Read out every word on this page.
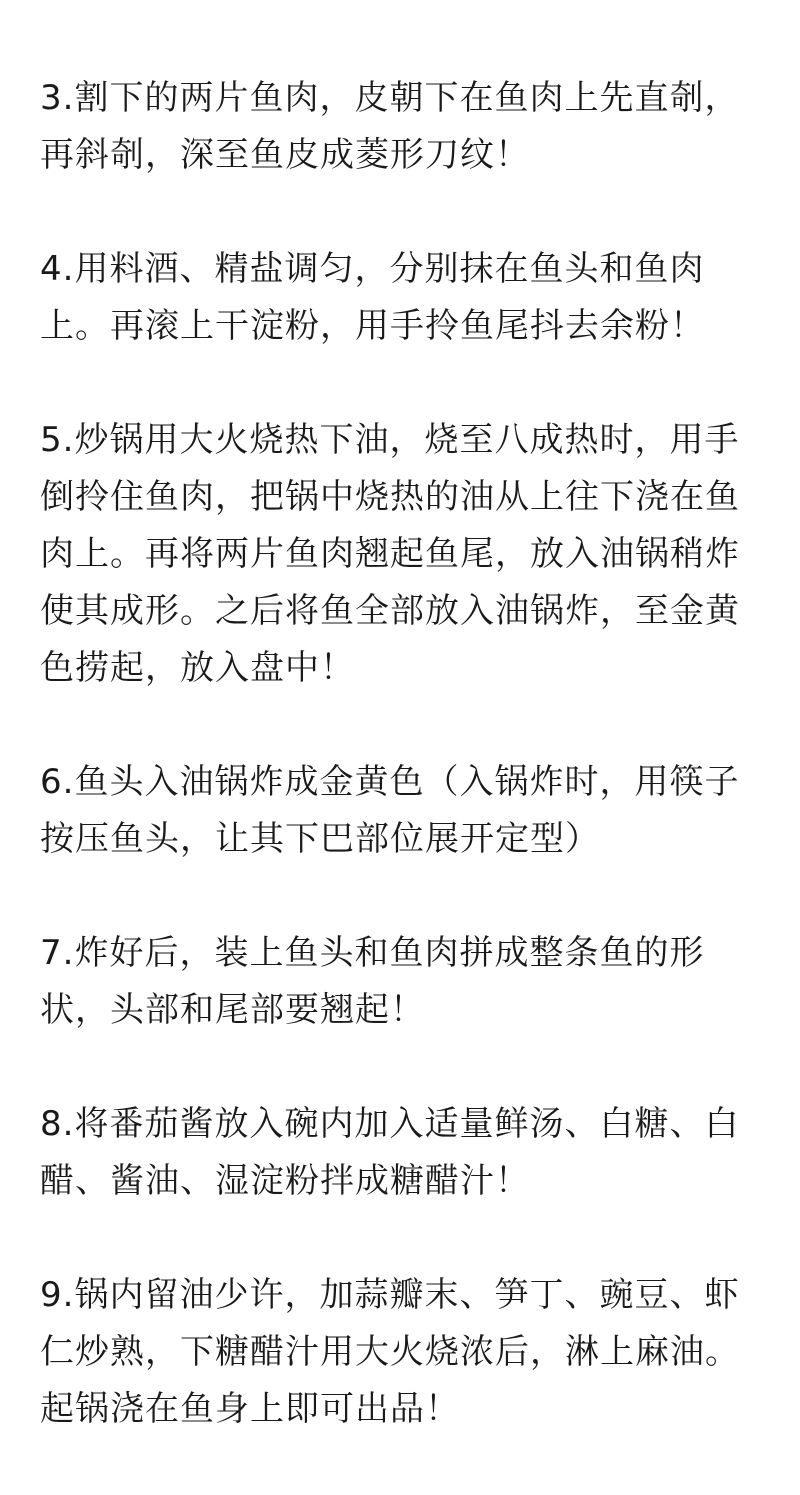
3.割下的两片鱼肉，皮朝下在鱼肉上先直剞，
再斜剞，深至鱼皮成菱形刀纹！
4.用料酒、精盐调匀，分别抹在鱼头和鱼肉
上。再滚上干淀粉，用手拎鱼尾抖去余粉！
5.炒锅用大火烧热下油，烧至八成热时，用手
倒拎住鱼肉，把锅中烧热的油从上往下浇在鱼
肉上。再将两片鱼肉翘起鱼尾，放入油锅稍炸
使其成形。之后将鱼全部放入油锅炸，至金黄
色捞起，放入盘中！
6.鱼头入油锅炸成金黄色（入锅炸时，用筷子
按压鱼头，让其下巴部位展开定型）
7.炸好后，装上鱼头和鱼肉拼成整条鱼的形
状，头部和尾部要翘起！
8.将番茄酱放入碗内加入适量鲜汤、白糖、白
醋、酱油、湿淀粉拌成糖醋汁！
9.锅内留油少许，加蒜瓣末、笋丁、豌豆、虾
仁炒熟，下糖醋汁用大火烧浓后，淋上麻油。
起锅浇在鱼身上即可出品！
